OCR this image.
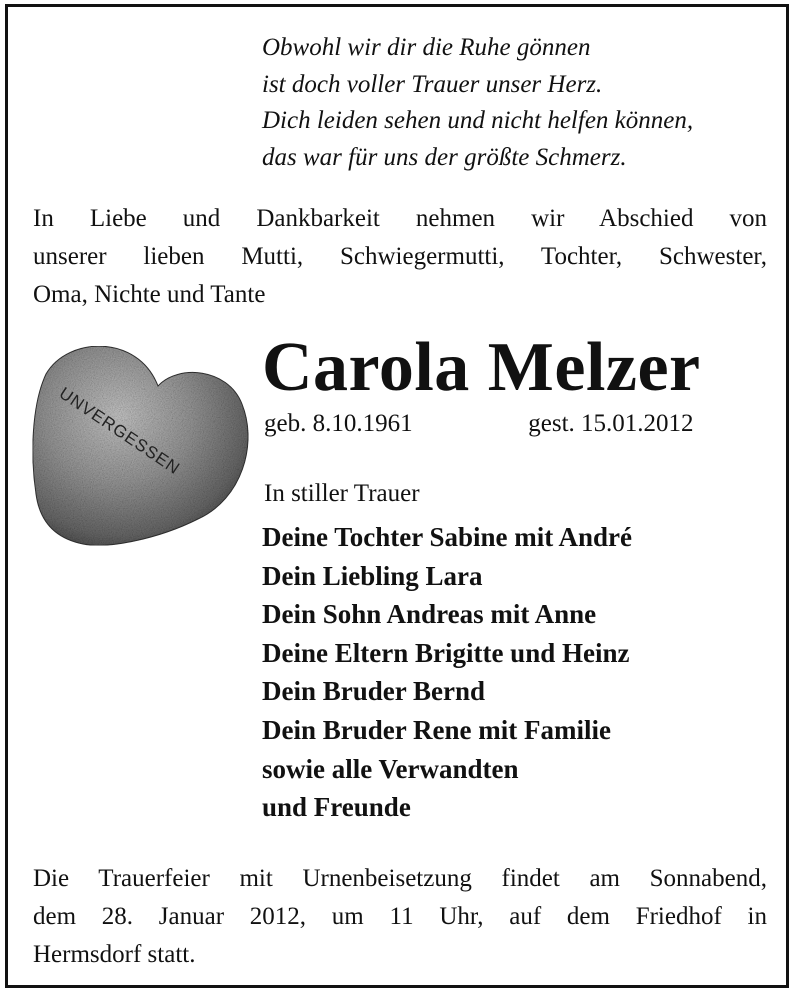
Obwohl wir dir die Ruhe gönnen
ist doch voller Trauer unser Herz.
Dich leiden sehen und nicht helfen können,
das war für uns der größte Schmerz.
In Liebe und Dankbarkeit nehmen wir Abschied von
unserer lieben Mutti, Schwiegermutti, Tochter, Schwester,
Oma, Nichte und Tante
UNVERGESSEN
Carola Melzer
geb. 8.10.1961	gest. 15.01.2012
In stiller Trauer
Deine Tochter Sabine mit André
Dein Liebling Lara
Dein Sohn Andreas mit Anne
Deine Eltern Brigitte und Heinz
Dein Bruder Bernd
Dein Bruder Rene mit Familie
sowie alle Verwandten
und Freunde
Die Trauerfeier mit Urnenbeisetzung findet am Sonnabend,
dem 28. Januar 2012, um 11 Uhr, auf dem Friedhof in
Hermsdorf statt.
